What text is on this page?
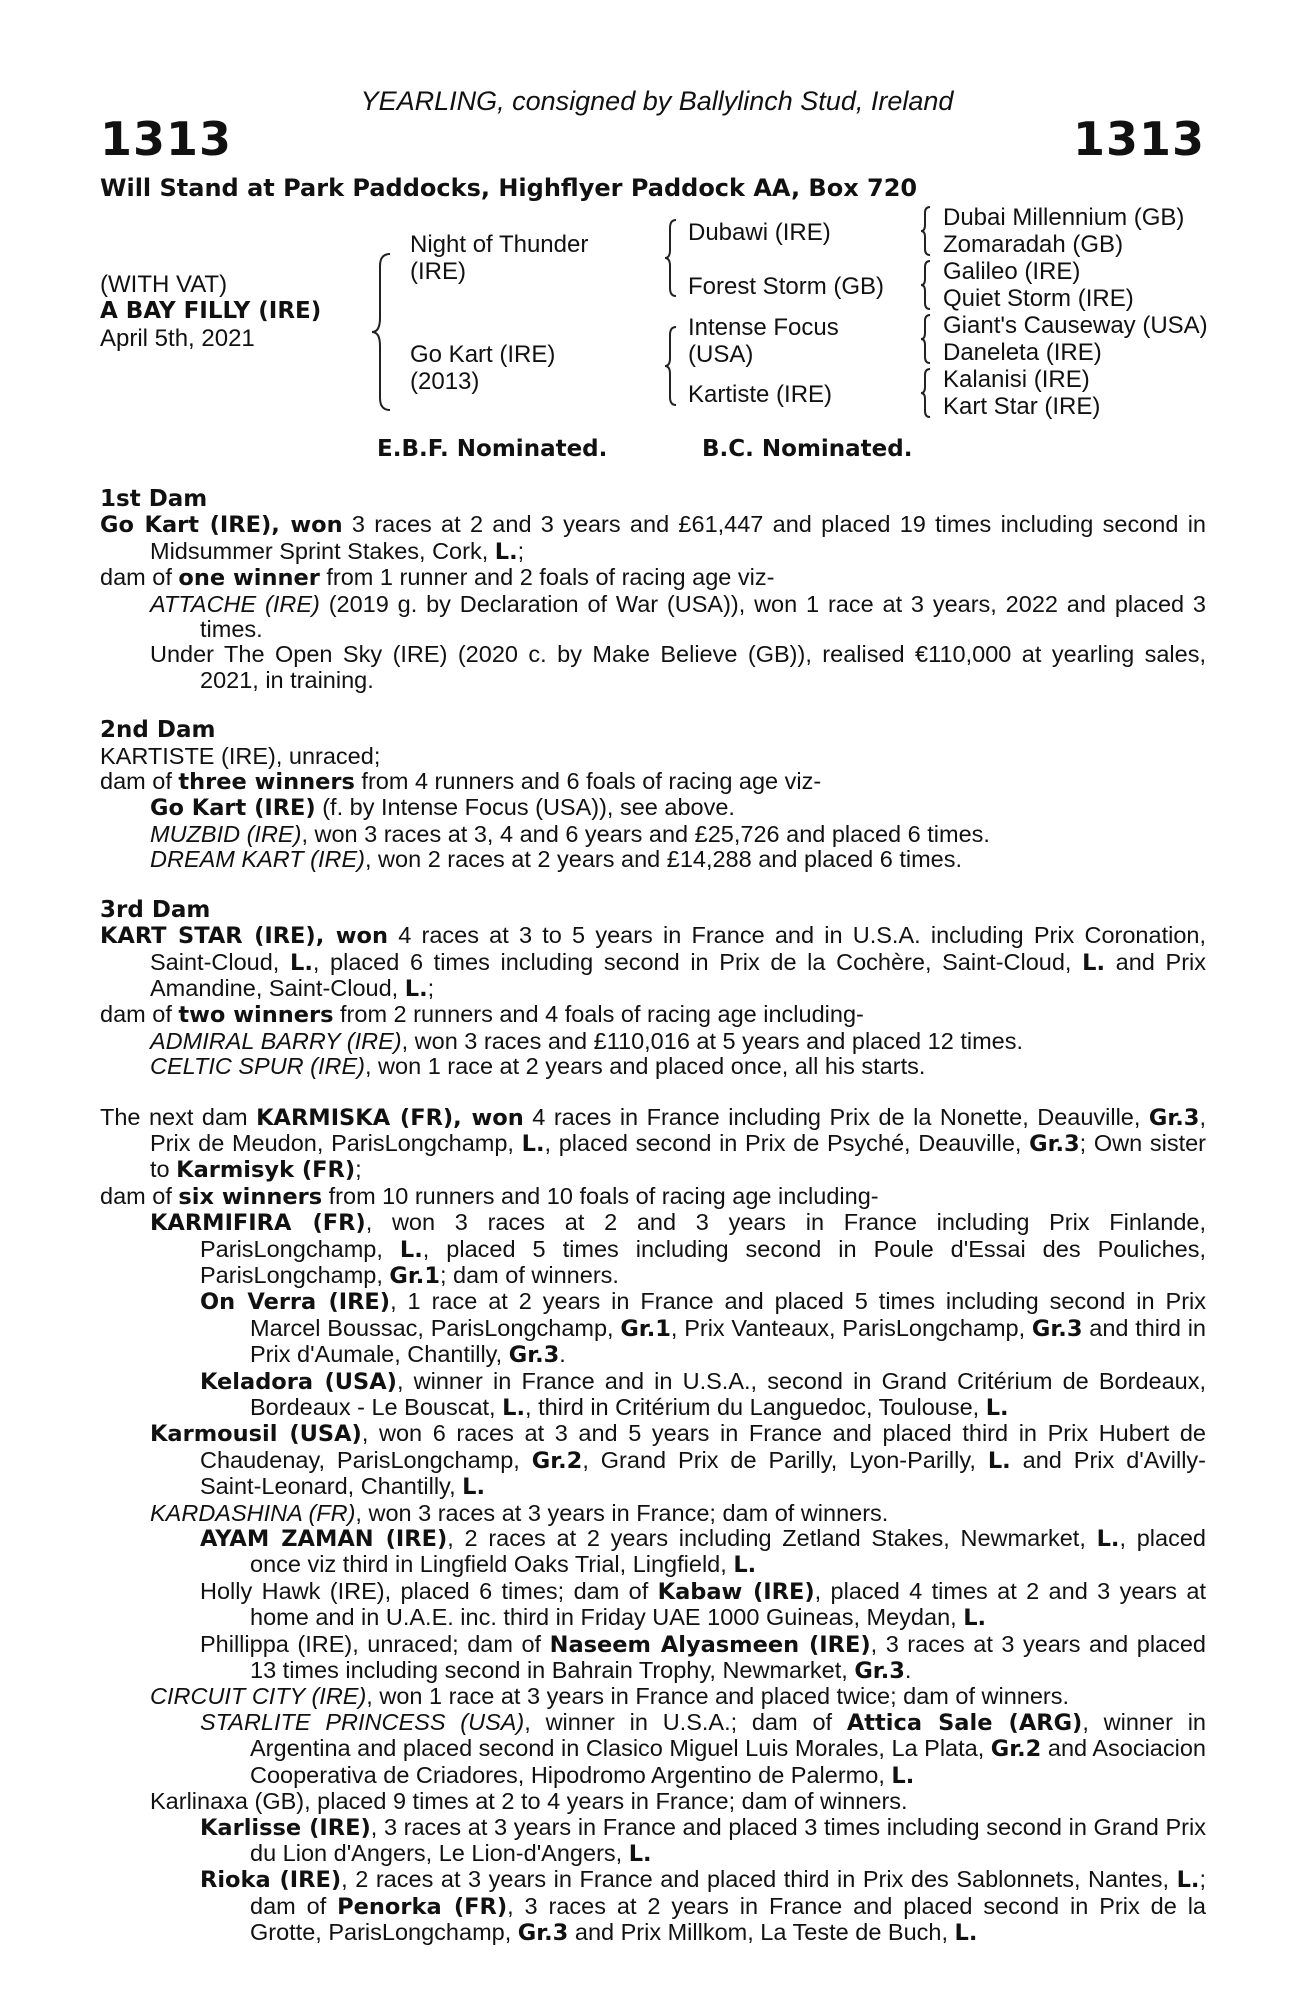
YEARLING, consigned by Ballylinch Stud, Ireland
1313	1313
Will Stand at Park Paddocks, Highflyer Paddock AA, Box 720
(WITH VAT)
A BAY FILLY (IRE)
April 5th, 2021
Night of Thunder
(IRE)
Go Kart (IRE)
(2013)
Dubawi (IRE)
Forest Storm (GB)
Intense Focus
(USA)
Kartiste (IRE)
Dubai Millennium (GB)
Zomaradah (GB)
Galileo (IRE)
Quiet Storm (IRE)
Giant's Causeway (USA)
Daneleta (IRE)
Kalanisi (IRE)
Kart Star (IRE)
E.B.F. Nominated.	B.C. Nominated.
1st Dam
Go Kart (IRE), won 3 races at 2 and 3 years and £61,447 and placed 19 times including second in Midsummer Sprint Stakes, Cork, L.;
dam of one winner from 1 runner and 2 foals of racing age viz-
ATTACHE (IRE) (2019 g. by Declaration of War (USA)), won 1 race at 3 years, 2022 and placed 3 times.
Under The Open Sky (IRE) (2020 c. by Make Believe (GB)), realised €110,000 at yearling sales, 2021, in training.
2nd Dam
KARTISTE (IRE), unraced;
dam of three winners from 4 runners and 6 foals of racing age viz-
Go Kart (IRE) (f. by Intense Focus (USA)), see above.
MUZBID (IRE), won 3 races at 3, 4 and 6 years and £25,726 and placed 6 times.
DREAM KART (IRE), won 2 races at 2 years and £14,288 and placed 6 times.
3rd Dam
KART STAR (IRE), won 4 races at 3 to 5 years in France and in U.S.A. including Prix Coronation, Saint-Cloud, L., placed 6 times including second in Prix de la Cochère, Saint-Cloud, L. and Prix Amandine, Saint-Cloud, L.;
dam of two winners from 2 runners and 4 foals of racing age including-
ADMIRAL BARRY (IRE), won 3 races and £110,016 at 5 years and placed 12 times.
CELTIC SPUR (IRE), won 1 race at 2 years and placed once, all his starts.
The next dam KARMISKA (FR), won 4 races in France including Prix de la Nonette, Deauville, Gr.3, Prix de Meudon, ParisLongchamp, L., placed second in Prix de Psyché, Deauville, Gr.3; Own sister to Karmisyk (FR);
dam of six winners from 10 runners and 10 foals of racing age including-
KARMIFIRA (FR), won 3 races at 2 and 3 years in France including Prix Finlande, ParisLongchamp, L., placed 5 times including second in Poule d'Essai des Pouliches, ParisLongchamp, Gr.1; dam of winners.
On Verra (IRE), 1 race at 2 years in France and placed 5 times including second in Prix Marcel Boussac, ParisLongchamp, Gr.1, Prix Vanteaux, ParisLongchamp, Gr.3 and third in Prix d'Aumale, Chantilly, Gr.3.
Keladora (USA), winner in France and in U.S.A., second in Grand Critérium de Bordeaux, Bordeaux - Le Bouscat, L., third in Critérium du Languedoc, Toulouse, L.
Karmousil (USA), won 6 races at 3 and 5 years in France and placed third in Prix Hubert de Chaudenay, ParisLongchamp, Gr.2, Grand Prix de Parilly, Lyon-Parilly, L. and Prix d'Avilly-Saint-Leonard, Chantilly, L.
KARDASHINA (FR), won 3 races at 3 years in France; dam of winners.
AYAM ZAMAN (IRE), 2 races at 2 years including Zetland Stakes, Newmarket, L., placed once viz third in Lingfield Oaks Trial, Lingfield, L.
Holly Hawk (IRE), placed 6 times; dam of Kabaw (IRE), placed 4 times at 2 and 3 years at home and in U.A.E. inc. third in Friday UAE 1000 Guineas, Meydan, L.
Phillippa (IRE), unraced; dam of Naseem Alyasmeen (IRE), 3 races at 3 years and placed 13 times including second in Bahrain Trophy, Newmarket, Gr.3.
CIRCUIT CITY (IRE), won 1 race at 3 years in France and placed twice; dam of winners.
STARLITE PRINCESS (USA), winner in U.S.A.; dam of Attica Sale (ARG), winner in Argentina and placed second in Clasico Miguel Luis Morales, La Plata, Gr.2 and Asociacion Cooperativa de Criadores, Hipodromo Argentino de Palermo, L.
Karlinaxa (GB), placed 9 times at 2 to 4 years in France; dam of winners.
Karlisse (IRE), 3 races at 3 years in France and placed 3 times including second in Grand Prix du Lion d'Angers, Le Lion-d'Angers, L.
Rioka (IRE), 2 races at 3 years in France and placed third in Prix des Sablonnets, Nantes, L.; dam of Penorka (FR), 3 races at 2 years in France and placed second in Prix de la Grotte, ParisLongchamp, Gr.3 and Prix Millkom, La Teste de Buch, L.
